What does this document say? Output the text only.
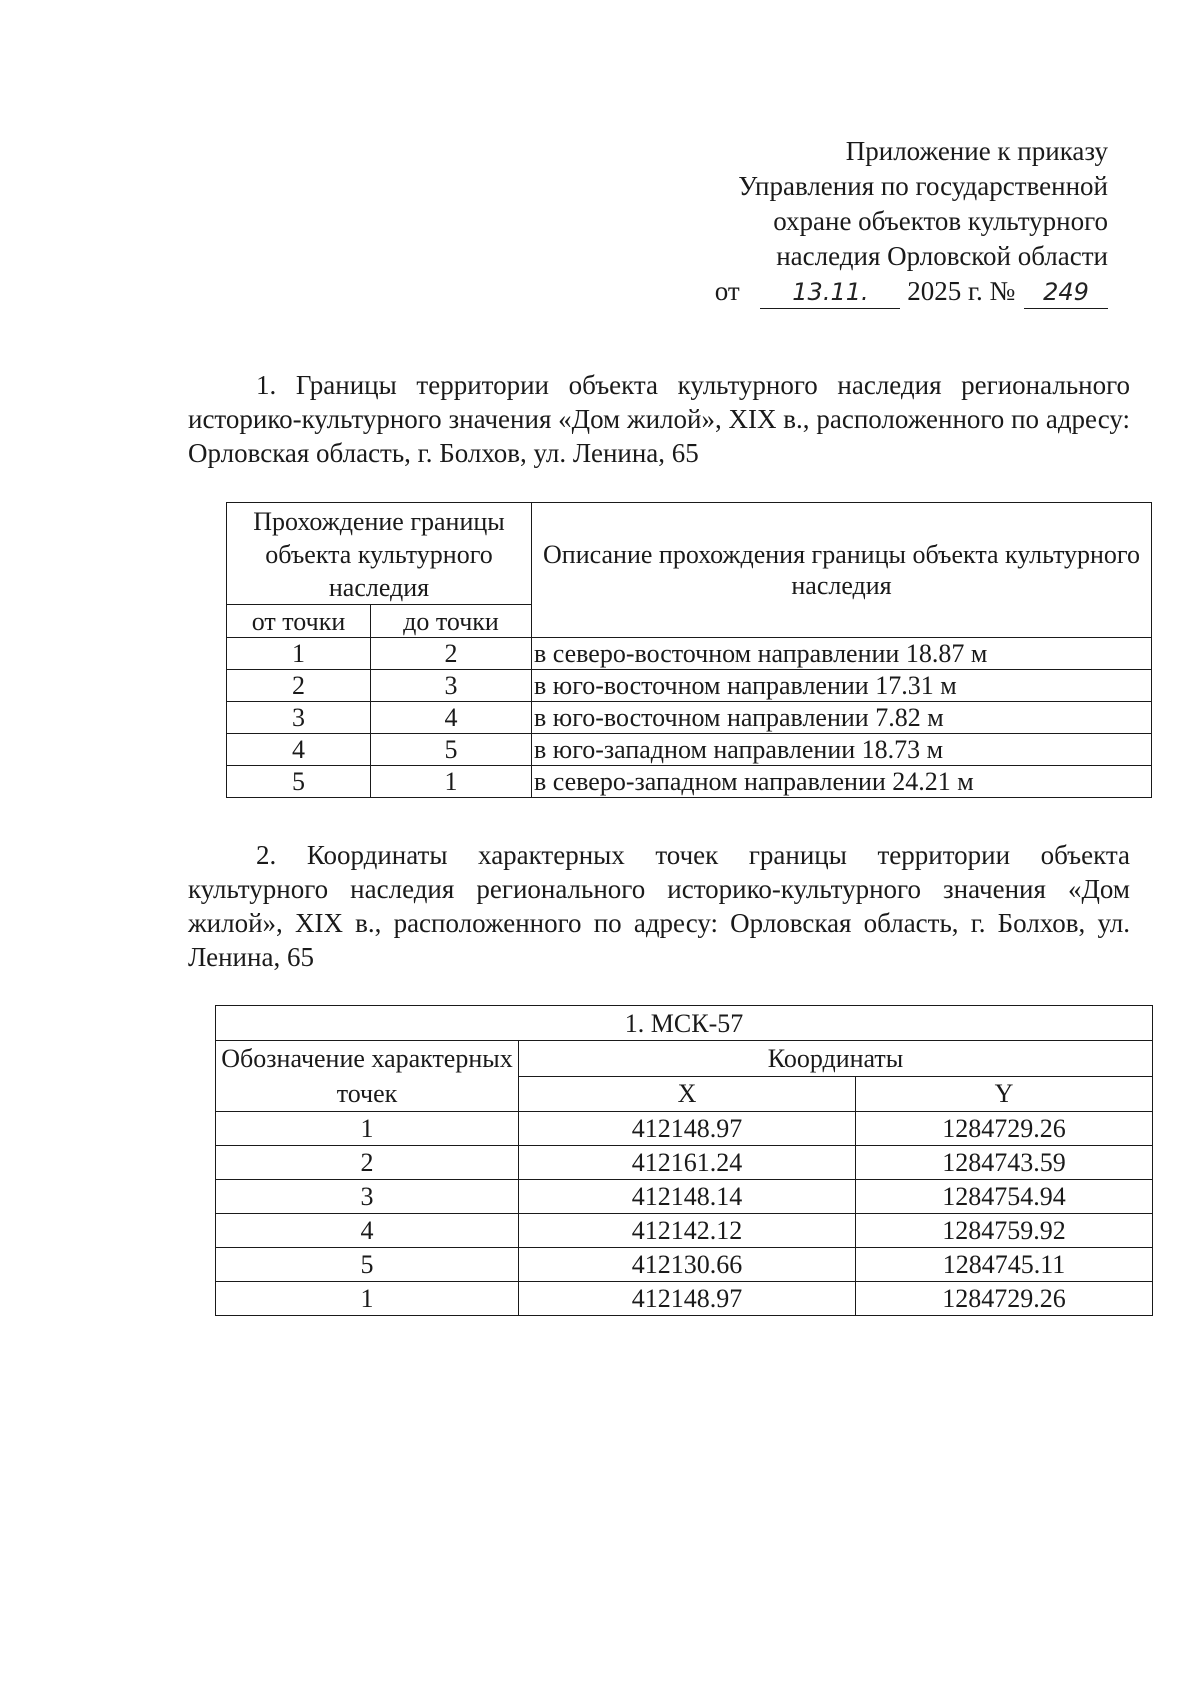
Приложение к приказу
Управления по государственной
охране объектов культурного
наследия Орловской области
от 13.11. 2025 г. № 249

1. Границы территории объекта культурного наследия регионального историко-культурного значения «Дом жилой», XIX в., расположенного по адресу: Орловская область, г. Болхов, ул. Ленина, 65

Прохождение границы объекта культурного наследия		Описание прохождения границы объекта культурного наследия
от точки	до точки	
1	2	в северо-восточном направлении 18.87 м
2	3	в юго-восточном направлении 17.31 м
3	4	в юго-восточном направлении 7.82 м
4	5	в юго-западном направлении 18.73 м
5	1	в северо-западном направлении 24.21 м

2. Координаты характерных точек границы территории объекта культурного наследия регионального историко-культурного значения «Дом жилой», XIX в., расположенного по адресу: Орловская область, г. Болхов, ул. Ленина, 65

1. МСК-57		
Обозначение характерных точек	Координаты	
	X	Y
1	412148.97	1284729.26
2	412161.24	1284743.59
3	412148.14	1284754.94
4	412142.12	1284759.92
5	412130.66	1284745.11
1	412148.97	1284729.26
